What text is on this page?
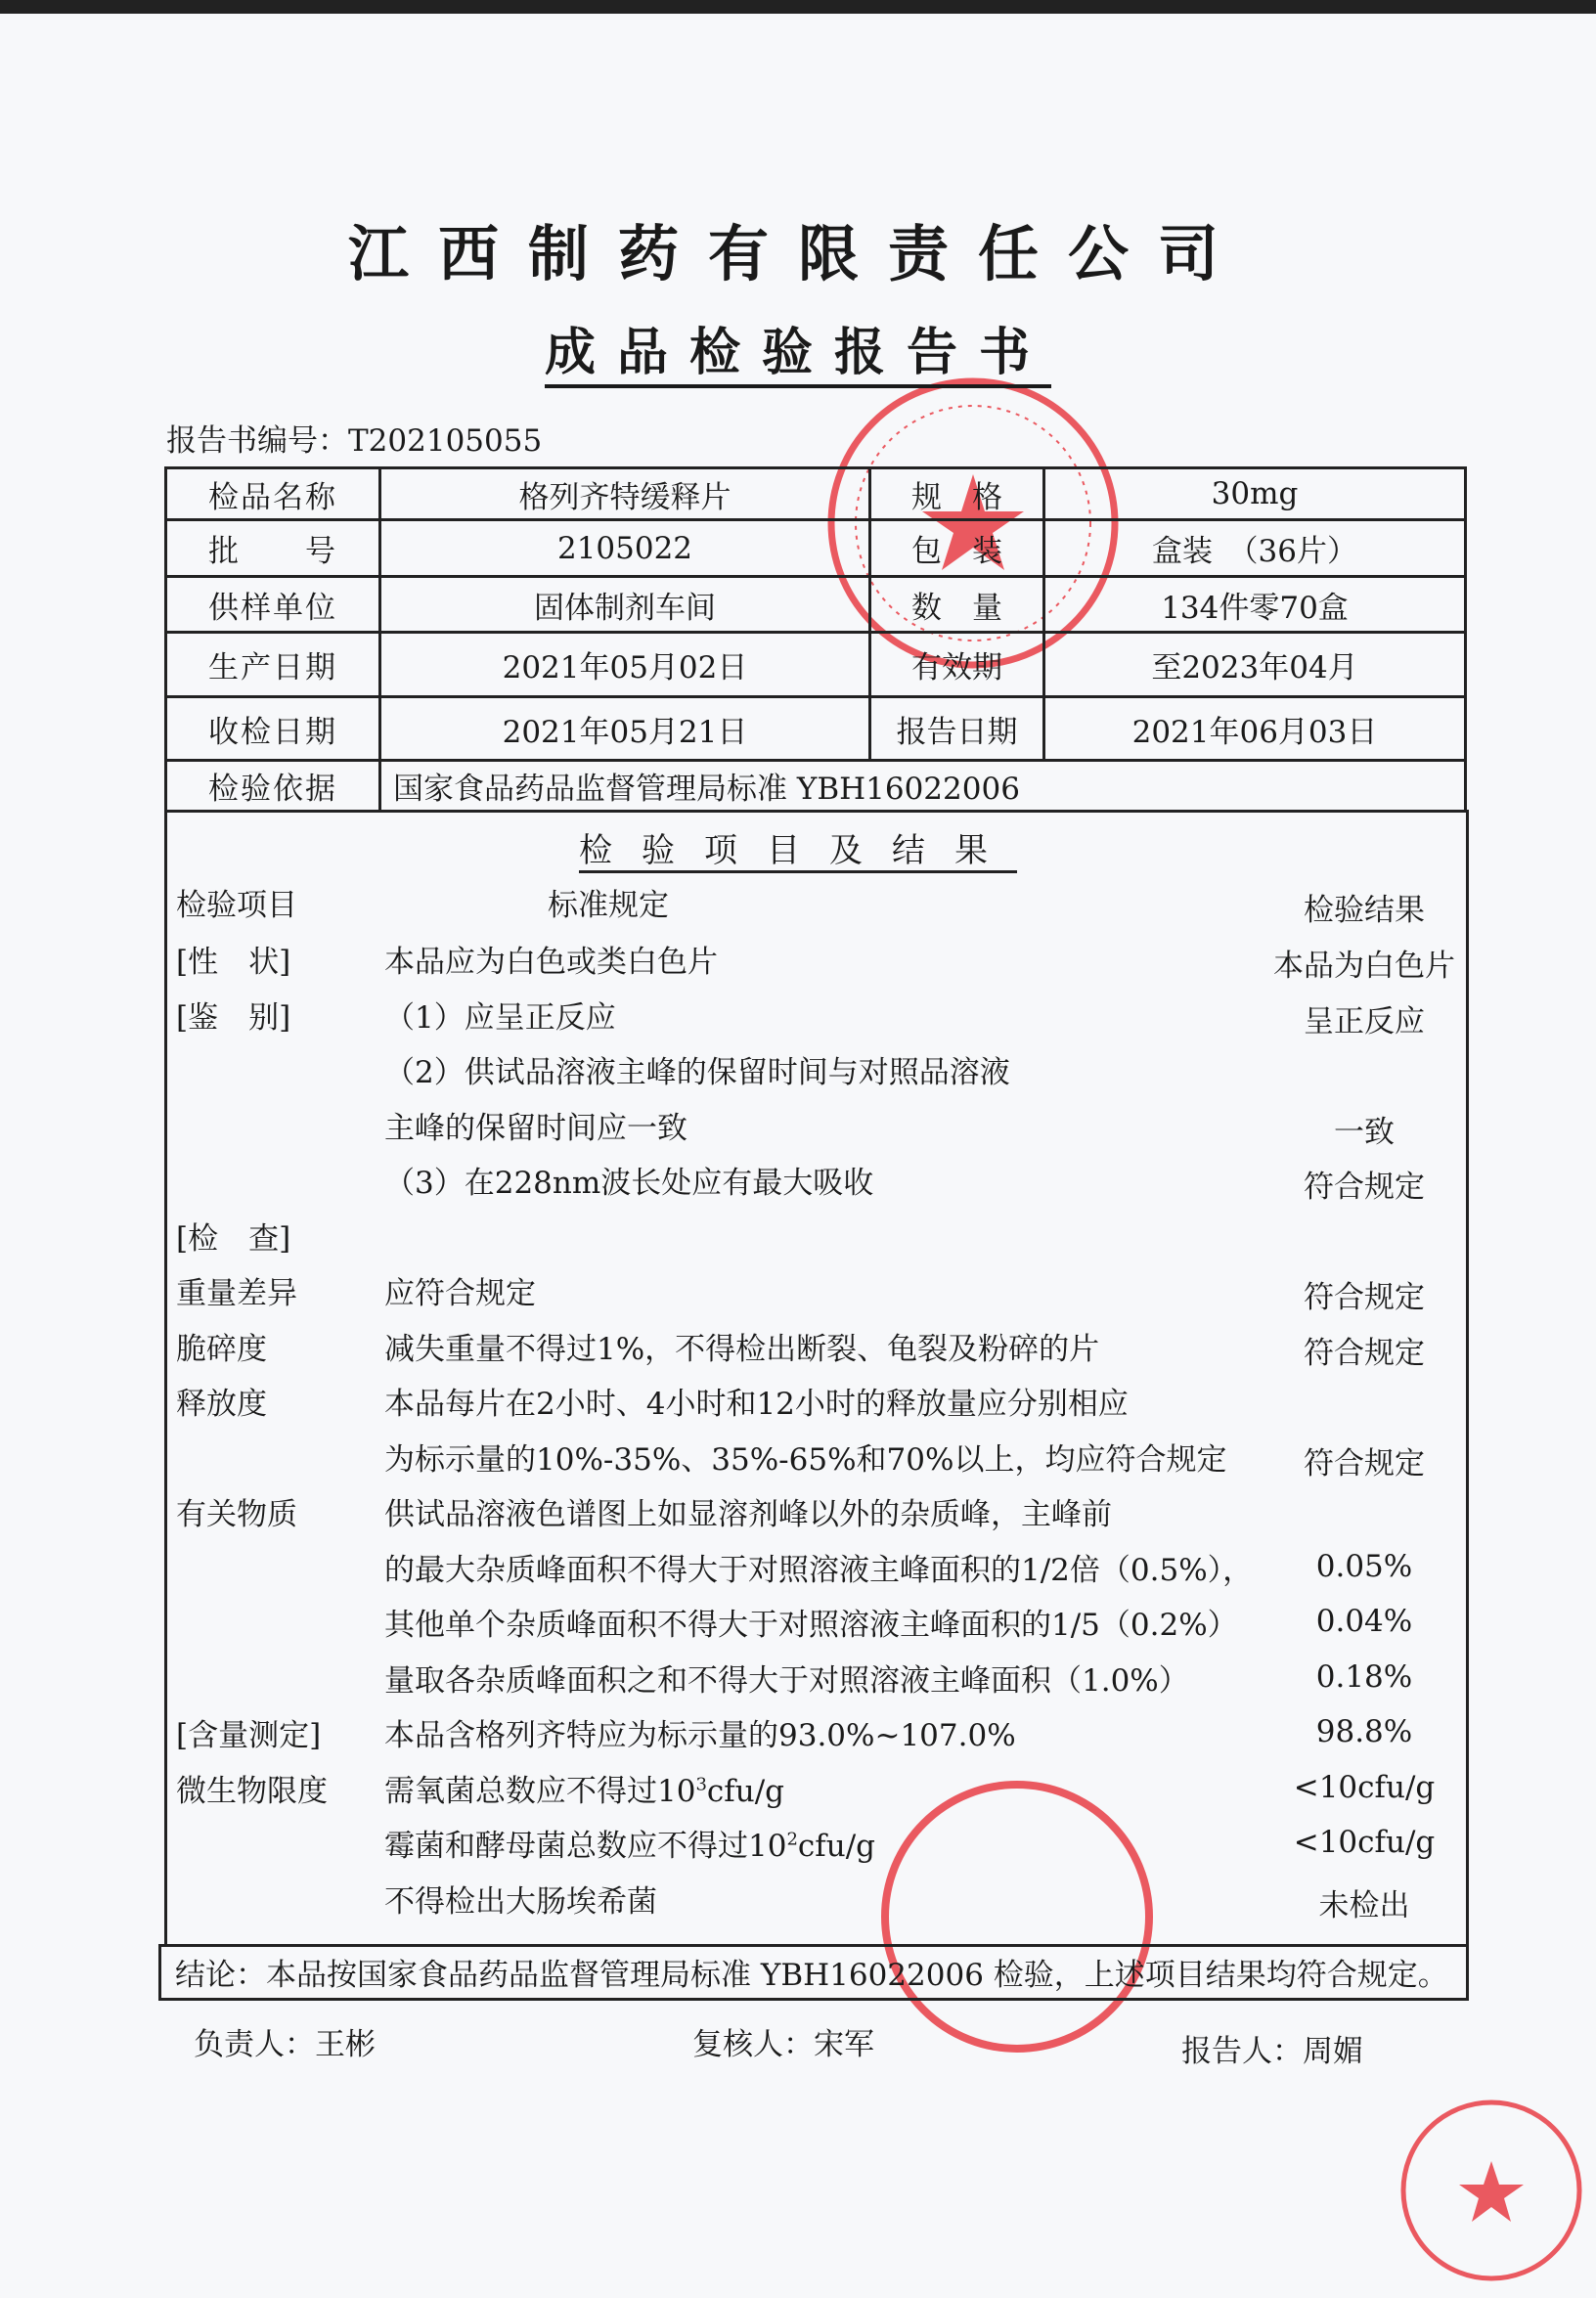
江西制药有限责任公司
成品检验报告书
报告书编号：T202105055
检品名称	格列齐特缓释片	规　格	30mg
批　　号	2105022	包　装	盒装　（36片）
供样单位	固体制剂车间	数　量	134件零70盒
生产日期	2021年05月02日	有效期	至2023年04月
收检日期	2021年05月21日	报告日期	2021年06月03日
检验依据	国家食品药品监督管理局标准 YBH16022006		
检验项目及结果
检验项目	标准规定	检验结果
[性　状]	本品应为白色或类白色片	本品为白色片
[鉴　别]	（1）应呈正反应	呈正反应
（2）供试品溶液主峰的保留时间与对照品溶液
主峰的保留时间应一致	一致
（3）在228nm波长处应有最大吸收	符合规定
[检　查]
重量差异	应符合规定	符合规定
脆碎度	减失重量不得过1%，不得检出断裂、龟裂及粉碎的片	符合规定
释放度	本品每片在2小时、4小时和12小时的释放量应分别相应
为标示量的10%-35%、35%-65%和70%以上，均应符合规定	符合规定
有关物质	供试品溶液色谱图上如显溶剂峰以外的杂质峰，主峰前
的最大杂质峰面积不得大于对照溶液主峰面积的1/2倍（0.5%），	0.05%
其他单个杂质峰面积不得大于对照溶液主峰面积的1/5（0.2%）	0.04%
量取各杂质峰面积之和不得大于对照溶液主峰面积（1.0%）	0.18%
[含量测定] 本品含格列齐特应为标示量的93.0%~107.0%	98.8%
微生物限度 需氧菌总数应不得过$10^3cfu/g$	<10cfu/g
霉菌和酵母菌总数应不得过$10^2cfu/g$	<10cfu/g
不得检出大肠埃希菌	未检出
结论：本品按国家食品药品监督管理局标准 YBH16022006 检验，上述项目结果均符合规定。
负责人：王彬	复核人：宋军	报告人：周媚
